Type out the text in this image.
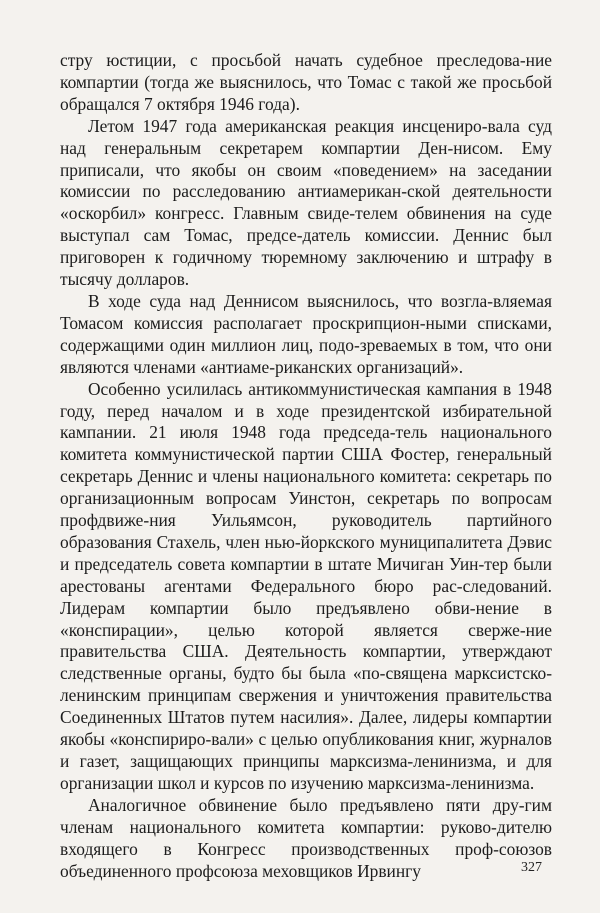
стру юстиции, с просьбой начать судебное преследова-ние компартии (тогда же выяснилось, что Томас с такой же просьбой обращался 7 октября 1946 года).

Летом 1947 года американская реакция инсцениро-вала суд над генеральным секретарем компартии Ден-нисом. Ему приписали, что якобы он своим «поведением» на заседании комиссии по расследованию антиамерикан-ской деятельности «оскорбил» конгресс. Главным свиде-телем обвинения на суде выступал сам Томас, предсе-датель комиссии. Деннис был приговорен к годичному тюремному заключению и штрафу в тысячу долларов.

В ходе суда над Деннисом выяснилось, что возгла-вляемая Томасом комиссия располагает проскрипцион-ными списками, содержащими один миллион лиц, подо-зреваемых в том, что они являются членами «антиаме-риканских организаций».

Особенно усилилась антикоммунистическая кампания в 1948 году, перед началом и в ходе президентской избирательной кампании. 21 июля 1948 года председа-тель национального комитета коммунистической партии США Фостер, генеральный секретарь Деннис и члены национального комитета: секретарь по организационным вопросам Уинстон, секретарь по вопросам профдвиже-ния Уильямсон, руководитель партийного образования Стахель, член нью-йоркского муниципалитета Дэвис и председатель совета компартии в штате Мичиган Уин-тер были арестованы агентами Федерального бюро рас-следований. Лидерам компартии было предъявлено обви-нение в «конспирации», целью которой является сверже-ние правительства США. Деятельность компартии, утверждают следственные органы, будто бы была «по-священа марксистско-ленинским принципам свержения и уничтожения правительства Соединенных Штатов путем насилия». Далее, лидеры компартии якобы «конспириро-вали» с целью опубликования книг, журналов и газет, защищающих принципы марксизма-ленинизма, и для организации школ и курсов по изучению марксизма-ленинизма.

Аналогичное обвинение было предъявлено пяти дру-гим членам национального комитета компартии: руково-дителю входящего в Конгресс производственных проф-союзов объединенного профсоюза меховщиков Ирвингу	327
